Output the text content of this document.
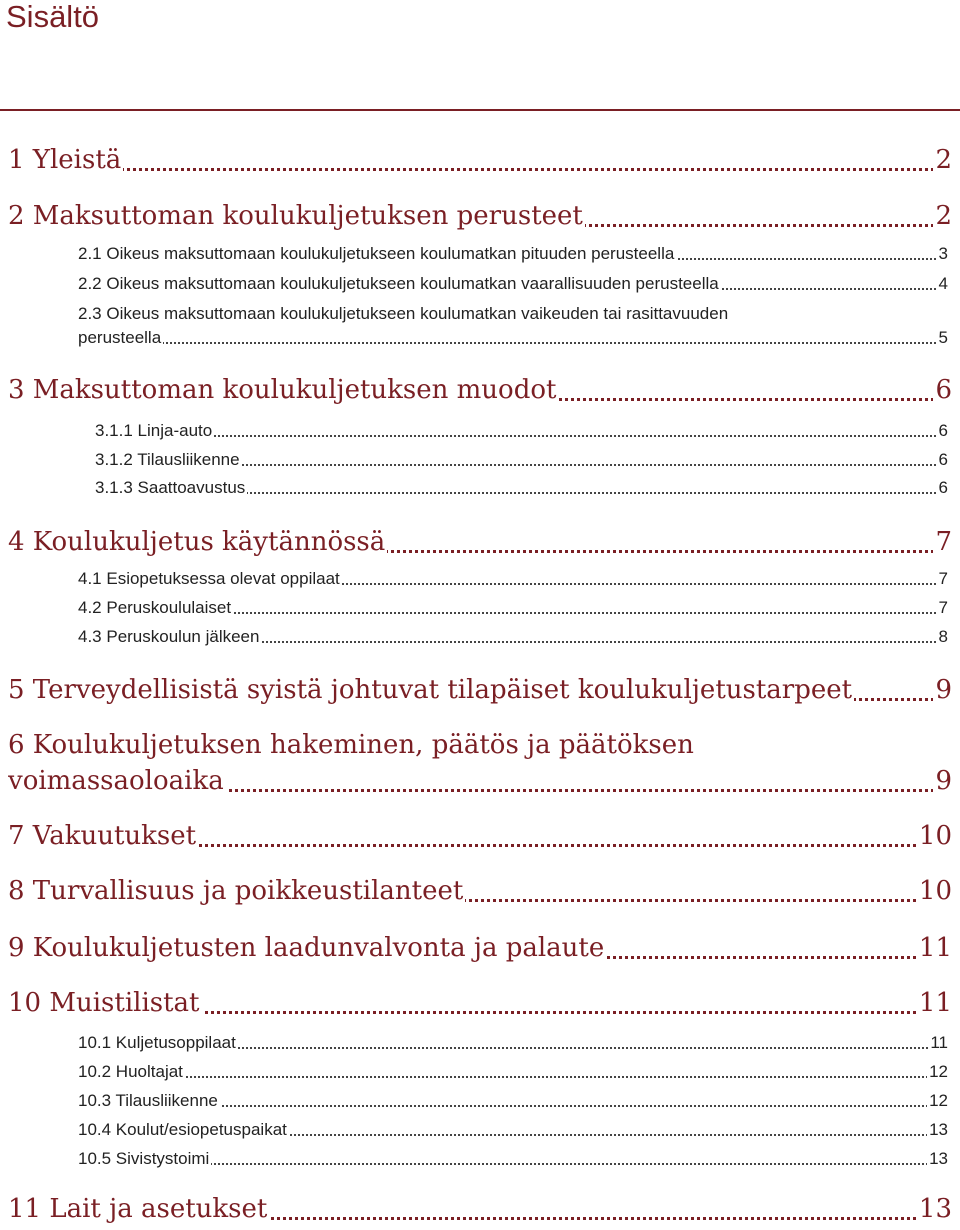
Sisältö
1 Yleistä	2
2 Maksuttoman koulukuljetuksen perusteet	2
2.1 Oikeus maksuttomaan koulukuljetukseen koulumatkan pituuden perusteella	3
2.2 Oikeus maksuttomaan koulukuljetukseen koulumatkan vaarallisuuden perusteella	4
2.3 Oikeus maksuttomaan koulukuljetukseen koulumatkan vaikeuden tai rasittavuuden
perusteella	5
3 Maksuttoman koulukuljetuksen muodot	6
3.1.1 Linja-auto	6
3.1.2 Tilausliikenne	6
3.1.3 Saattoavustus	6
4 Koulukuljetus käytännössä	7
4.1 Esiopetuksessa olevat oppilaat	7
4.2 Peruskoululaiset	7
4.3 Peruskoulun jälkeen	8
5 Terveydellisistä syistä johtuvat tilapäiset koulukuljetustarpeet	9
6 Koulukuljetuksen hakeminen, päätös ja päätöksen
voimassaoloaika	9
7 Vakuutukset	10
8 Turvallisuus ja poikkeustilanteet	10
9 Koulukuljetusten laadunvalvonta ja palaute	11
10 Muistilistat	11
10.1 Kuljetusoppilaat	11
10.2 Huoltajat	12
10.3 Tilausliikenne	12
10.4 Koulut/esiopetuspaikat	13
10.5 Sivistystoimi	13
11 Lait ja asetukset	13
